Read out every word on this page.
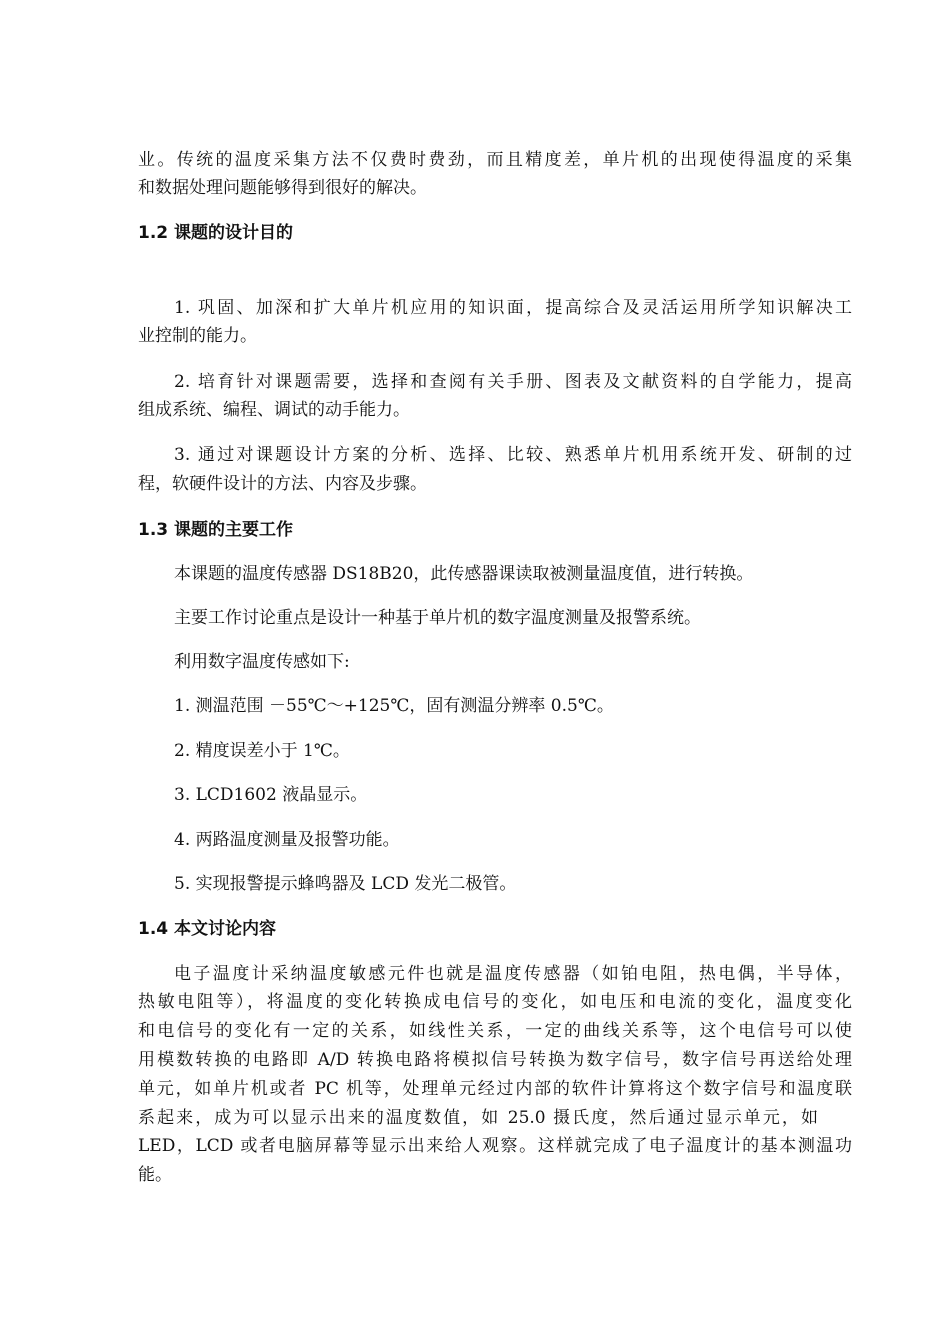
业。传统的温度采集方法不仅费时费劲，而且精度差，单片机的出现使得温度的采集
和数据处理问题能够得到很好的解决。
1.2 课题的设计目的
1. 巩固、加深和扩大单片机应用的知识面，提高综合及灵活运用所学知识解决工
业控制的能力。
2. 培育针对课题需要，选择和查阅有关手册、图表及文献资料的自学能力，提高
组成系统、编程、调试的动手能力。
3. 通过对课题设计方案的分析、选择、比较、熟悉单片机用系统开发、研制的过
程，软硬件设计的方法、内容及步骤。
1.3 课题的主要工作
本课题的温度传感器 DS18B20，此传感器课读取被测量温度值，进行转换。
主要工作讨论重点是设计一种基于单片机的数字温度测量及报警系统。
利用数字温度传感如下:
1. 测温范围 －55℃～+125℃，固有测温分辨率 0.5℃。
2. 精度误差小于 1℃。
3. LCD1602 液晶显示。
4. 两路温度测量及报警功能。
5. 实现报警提示蜂鸣器及 LCD 发光二极管。
1.4 本文讨论内容
电子温度计采纳温度敏感元件也就是温度传感器（如铂电阻，热电偶，半导体，
热敏电阻等），将温度的变化转换成电信号的变化，如电压和电流的变化，温度变化
和电信号的变化有一定的关系，如线性关系，一定的曲线关系等，这个电信号可以使
用模数转换的电路即 A/D 转换电路将模拟信号转换为数字信号，数字信号再送给处理
单元，如单片机或者 PC 机等，处理单元经过内部的软件计算将这个数字信号和温度联
系起来，成为可以显示出来的温度数值，如 25.0 摄氏度，然后通过显示单元，如
LED，LCD 或者电脑屏幕等显示出来给人观察。这样就完成了电子温度计的基本测温功
能。
